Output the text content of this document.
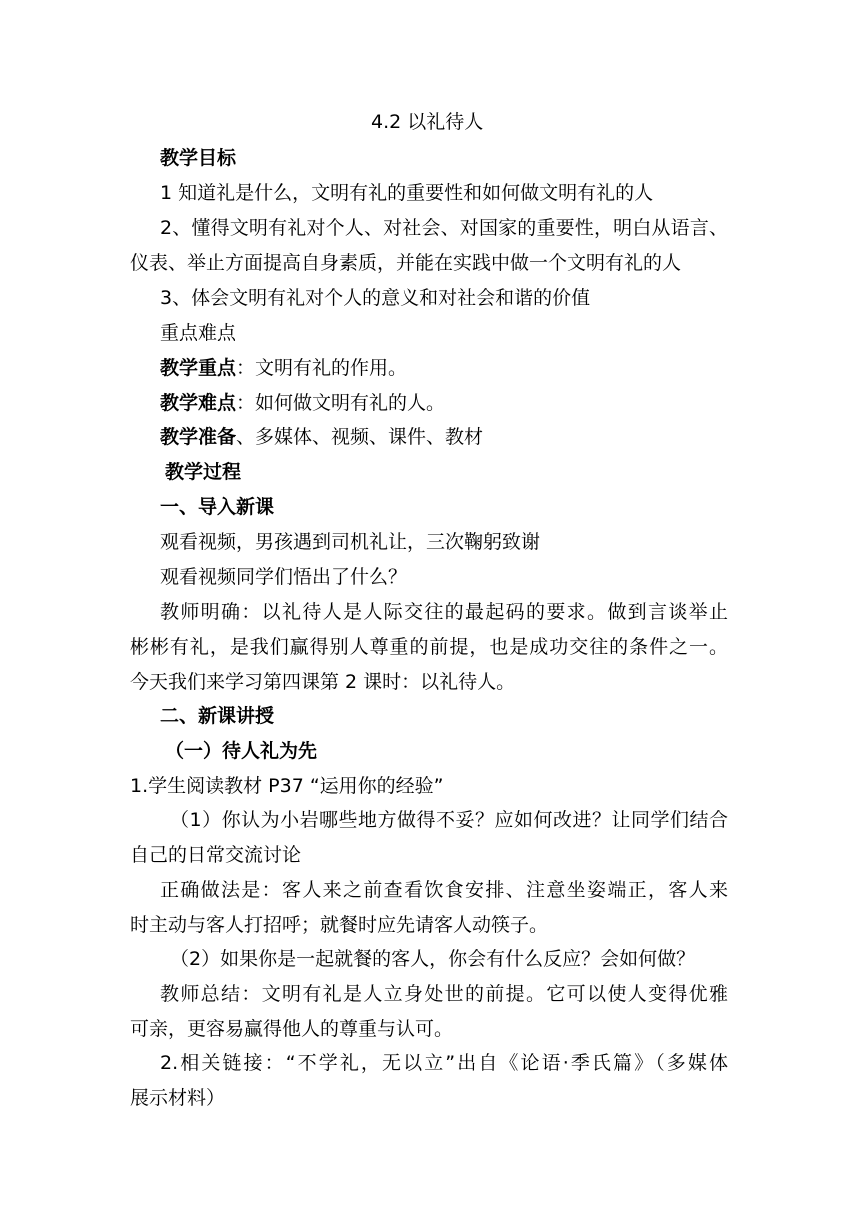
4.2 以礼待人
教学目标
1 知道礼是什么，文明有礼的重要性和如何做文明有礼的人
2、懂得文明有礼对个人、对社会、对国家的重要性，明白从语言、
仪表、举止方面提高自身素质，并能在实践中做一个文明有礼的人
3、体会文明有礼对个人的意义和对社会和谐的价值
重点难点
教学重点：文明有礼的作用。
教学难点：如何做文明有礼的人。
教学准备、多媒体、视频、课件、教材
教学过程
一、导入新课
观看视频，男孩遇到司机礼让，三次鞠躬致谢
观看视频同学们悟出了什么？
教师明确：以礼待人是人际交往的最起码的要求。做到言谈举止
彬彬有礼，是我们赢得别人尊重的前提，也是成功交往的条件之一。
今天我们来学习第四课第 2 课时：以礼待人。
二、新课讲授
（一）待人礼为先
1.学生阅读教材 P37 “运用你的经验”
（1）你认为小岩哪些地方做得不妥？应如何改进？让同学们结合
自己的日常交流讨论
正确做法是：客人来之前查看饮食安排、注意坐姿端正，客人来
时主动与客人打招呼；就餐时应先请客人动筷子。
（2）如果你是一起就餐的客人，你会有什么反应？会如何做？
教师总结：文明有礼是人立身处世的前提。它可以使人变得优雅
可亲，更容易赢得他人的尊重与认可。
2.相关链接：“不学礼，无以立”出自《论语·季氏篇》（多媒体
展示材料）
